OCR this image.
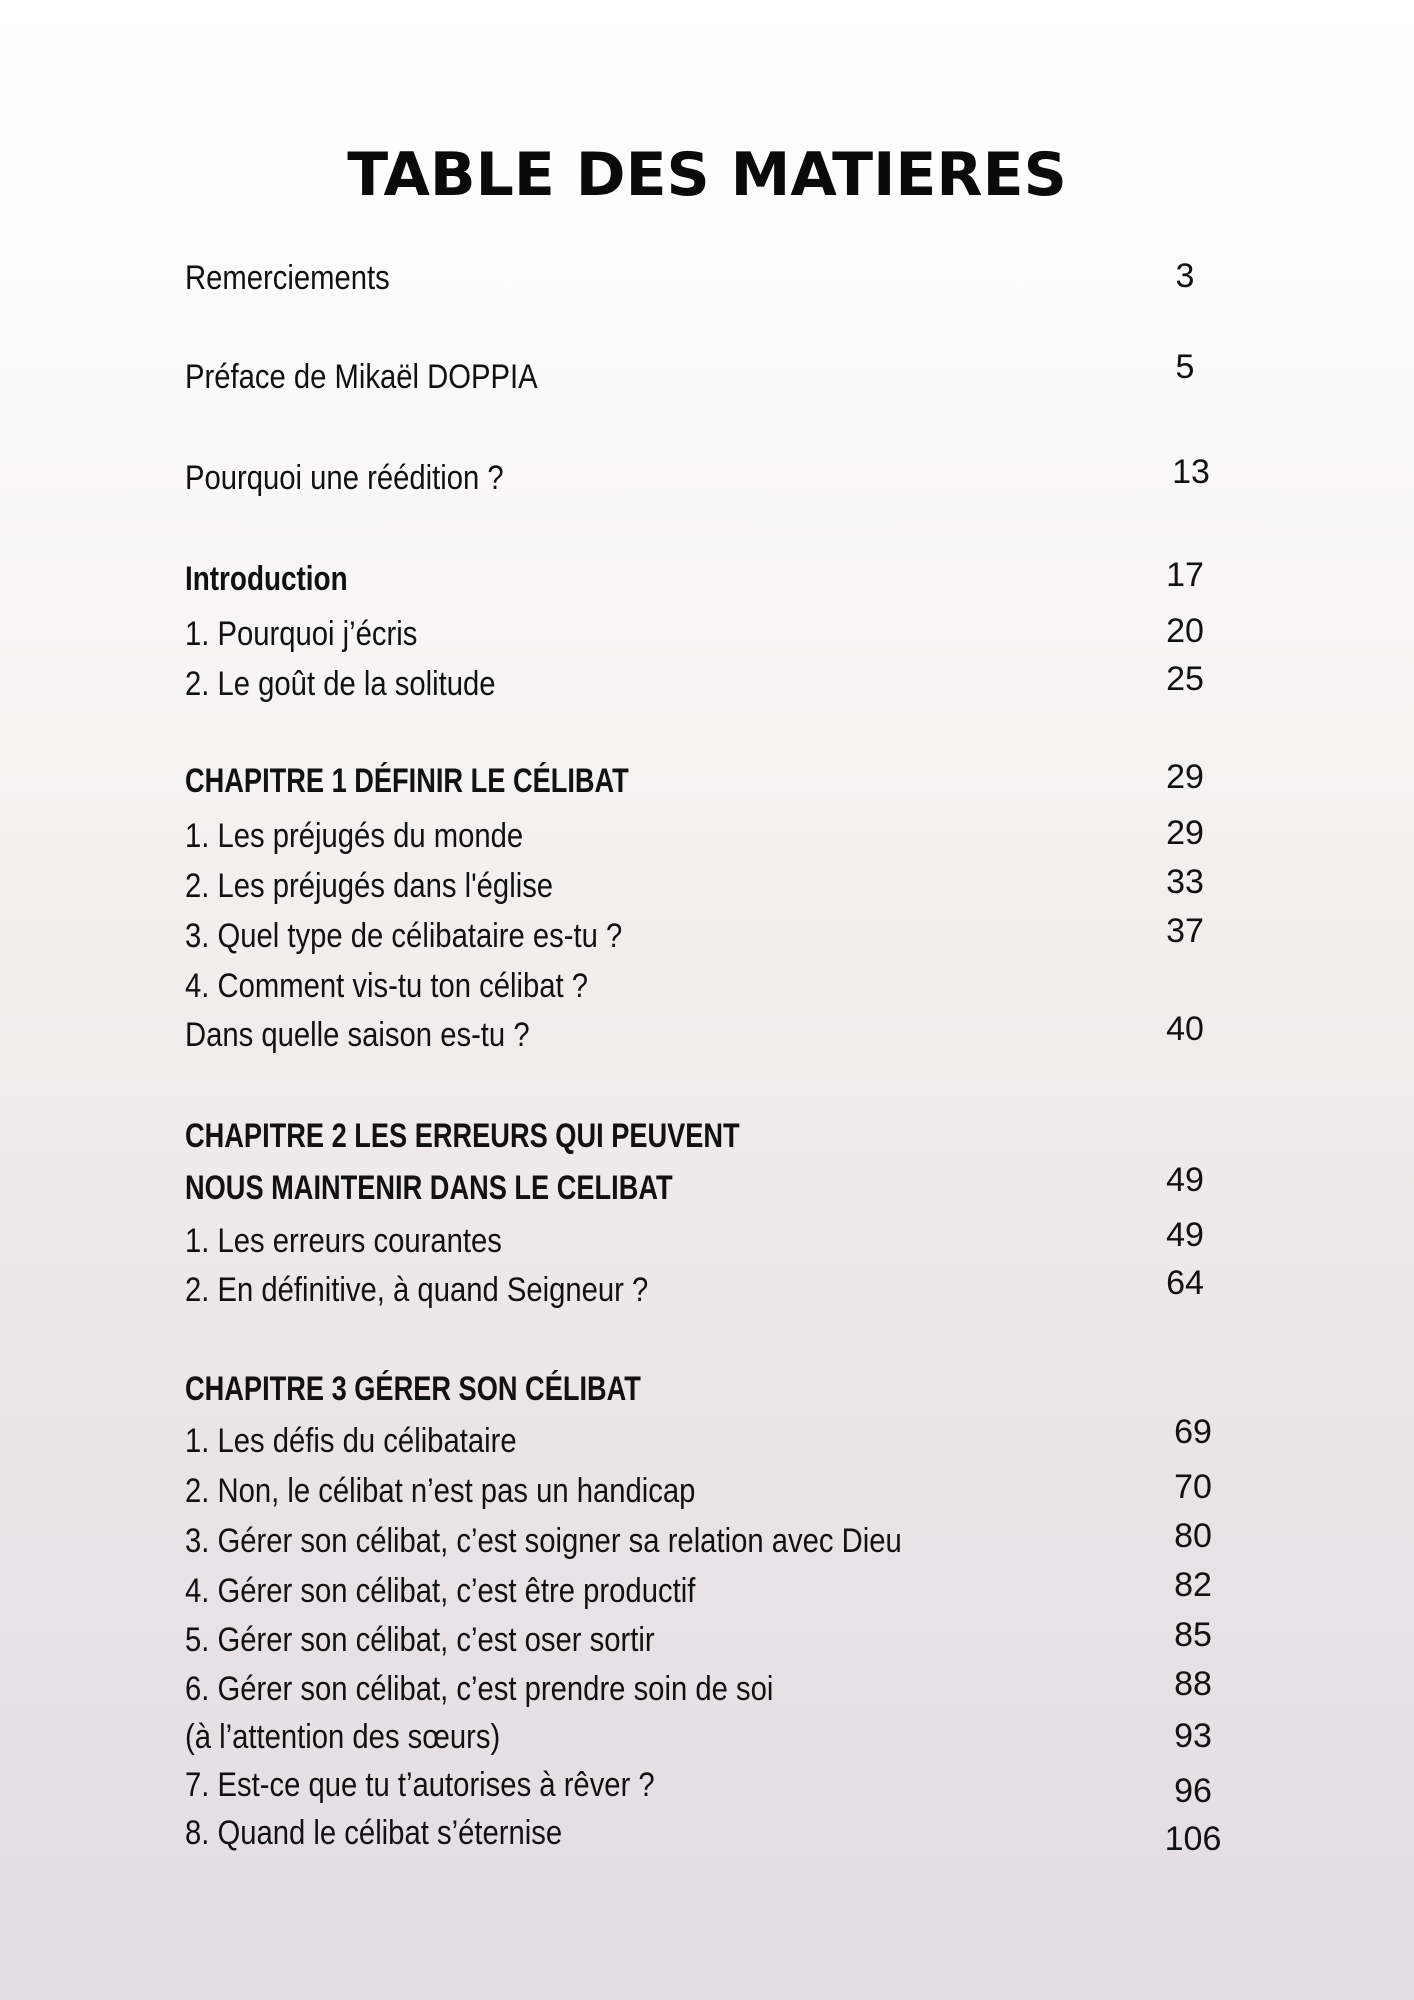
TABLE DES MATIERES
Remerciements	3
Préface de Mikaël DOPPIA	5
Pourquoi une réédition ?	13
Introduction	17
1. Pourquoi j’écris	20
2. Le goût de la solitude	25
CHAPITRE 1 DÉFINIR LE CÉLIBAT	29
1. Les préjugés du monde	29
2. Les préjugés dans l'église	33
3. Quel type de célibataire es-tu ?	37
4. Comment vis-tu ton célibat ?
Dans quelle saison es-tu ?	40
CHAPITRE 2 LES ERREURS QUI PEUVENT
NOUS MAINTENIR DANS LE CELIBAT	49
1. Les erreurs courantes	49
2. En définitive, à quand Seigneur ?	64
CHAPITRE 3 GÉRER SON CÉLIBAT
1. Les défis du célibataire	69
2. Non, le célibat n’est pas un handicap	70
3. Gérer son célibat, c’est soigner sa relation avec Dieu	80
4. Gérer son célibat, c’est être productif	82
5. Gérer son célibat, c’est oser sortir	85
6. Gérer son célibat, c’est prendre soin de soi	88
(à l’attention des sœurs)	93
7. Est-ce que tu t’autorises à rêver ?	96
8. Quand le célibat s’éternise	106
